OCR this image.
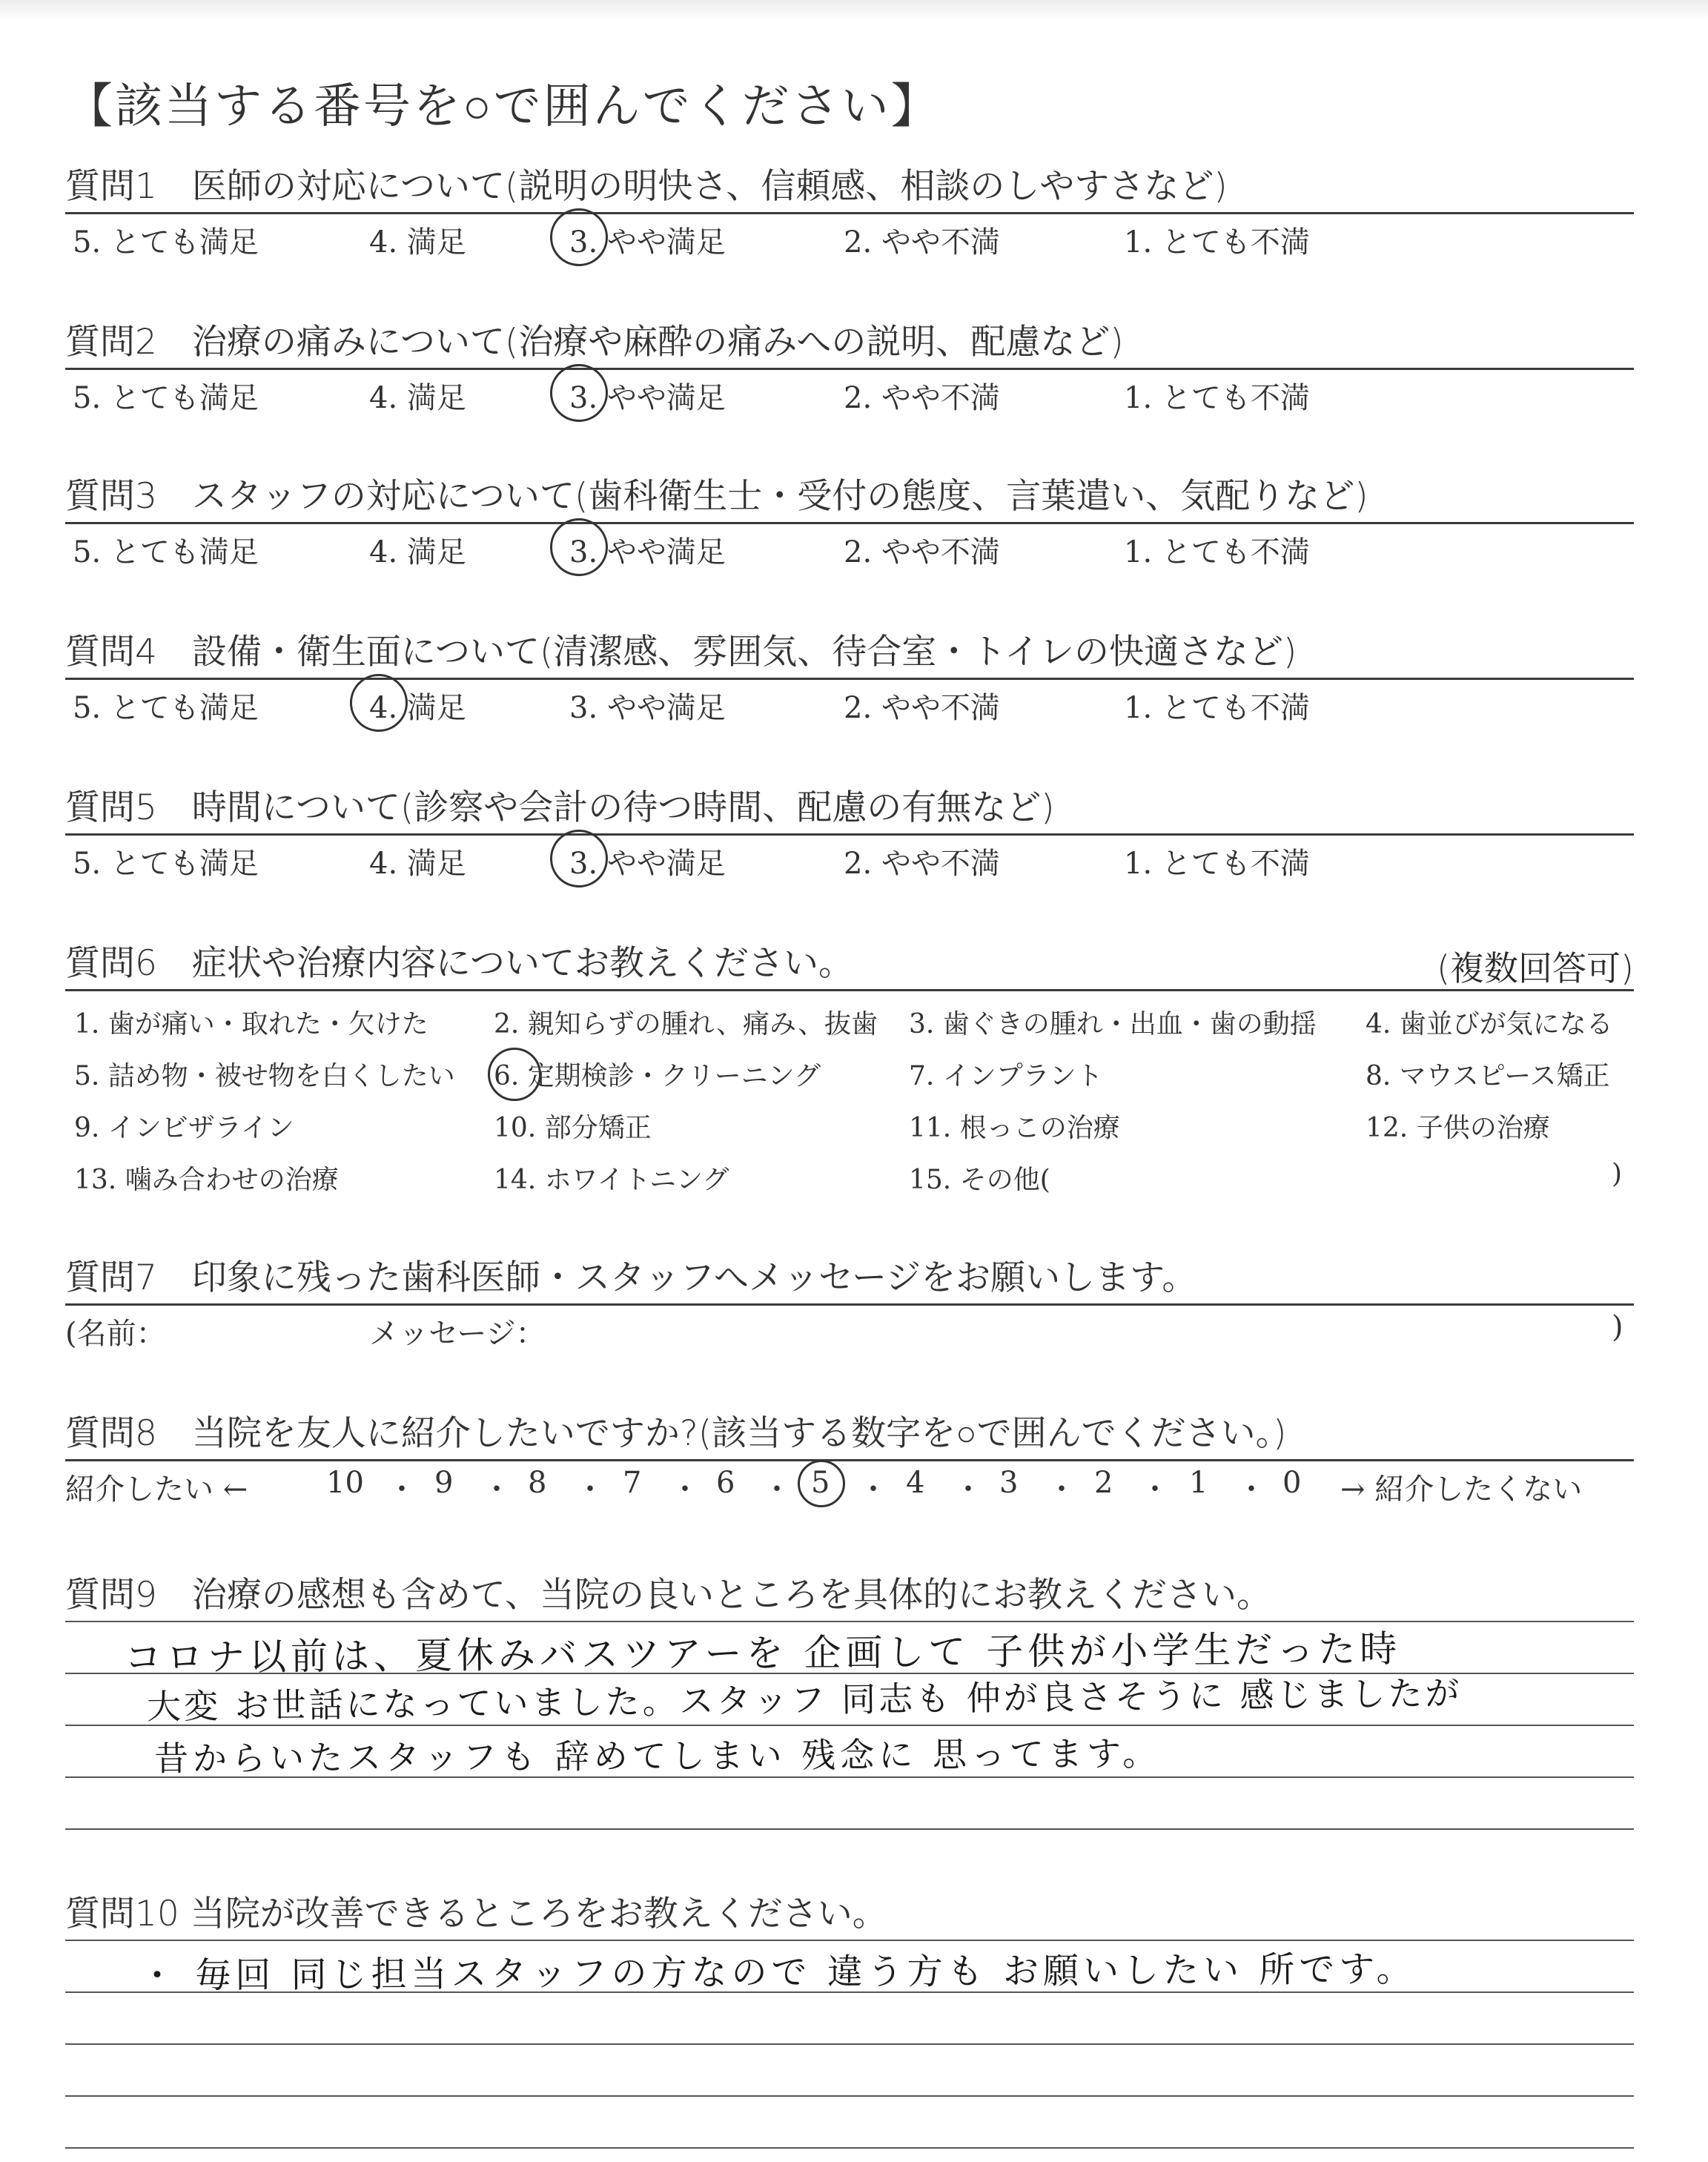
【該当する番号を○で囲んでください】
質問1　医師の対応について(説明の明快さ、信頼感、相談のしやすさなど)
5. とても満足	4. 満足	3. やや満足	2. やや不満	1. とても不満
質問2　治療の痛みについて(治療や麻酔の痛みへの説明、配慮など)
5. とても満足	4. 満足	3. やや満足	2. やや不満	1. とても不満
質問3　スタッフの対応について(歯科衛生士・受付の態度、言葉遣い、気配りなど)
5. とても満足	4. 満足	3. やや満足	2. やや不満	1. とても不満
質問4　設備・衛生面について(清潔感、雰囲気、待合室・トイレの快適さなど)
5. とても満足	4. 満足	3. やや満足	2. やや不満	1. とても不満
質問5　時間について(診察や会計の待つ時間、配慮の有無など)
5. とても満足	4. 満足	3. やや満足	2. やや不満	1. とても不満
質問6　症状や治療内容についてお教えください。	(複数回答可)
1. 歯が痛い・取れた・欠けた 2. 親知らずの腫れ、痛み、抜歯 3. 歯ぐきの腫れ・出血・歯の動揺 4. 歯並びが気になる
5. 詰め物・被せ物を白くしたい 6. 定期検診・クリーニング	7. インプラント	8. マウスピース矯正
9. インビザライン	10. 部分矯正	11. 根っこの治療	12. 子供の治療
13. 噛み合わせの治療	14. ホワイトニング	15. その他(	)
質問7　印象に残った歯科医師・スタッフへメッセージをお願いします。
(名前：	メッセージ：	)
質問8　当院を友人に紹介したいですか?(該当する数字を○で囲んでください。)
紹介したい ←	10 ・ 9 ・ 8 ・ 7 ・ 6 ・ 5 ・ 4 ・ 3 ・ 2 ・ 1 ・ 0 → 紹介したくない
質問9　治療の感想も含めて、当院の良いところを具体的にお教えください。
コロナ以前は、夏休みバスツアーを 企画して 子供が小学生だった時
大変 お世話になっていました。スタッフ 同志も 仲が良さそうに 感じましたが
昔からいたスタッフも 辞めてしまい 残念に 思ってます。
質問10 当院が改善できるところをお教えください。
・ 毎回 同じ担当スタッフの方なので 違う方も お願いしたい 所です。
